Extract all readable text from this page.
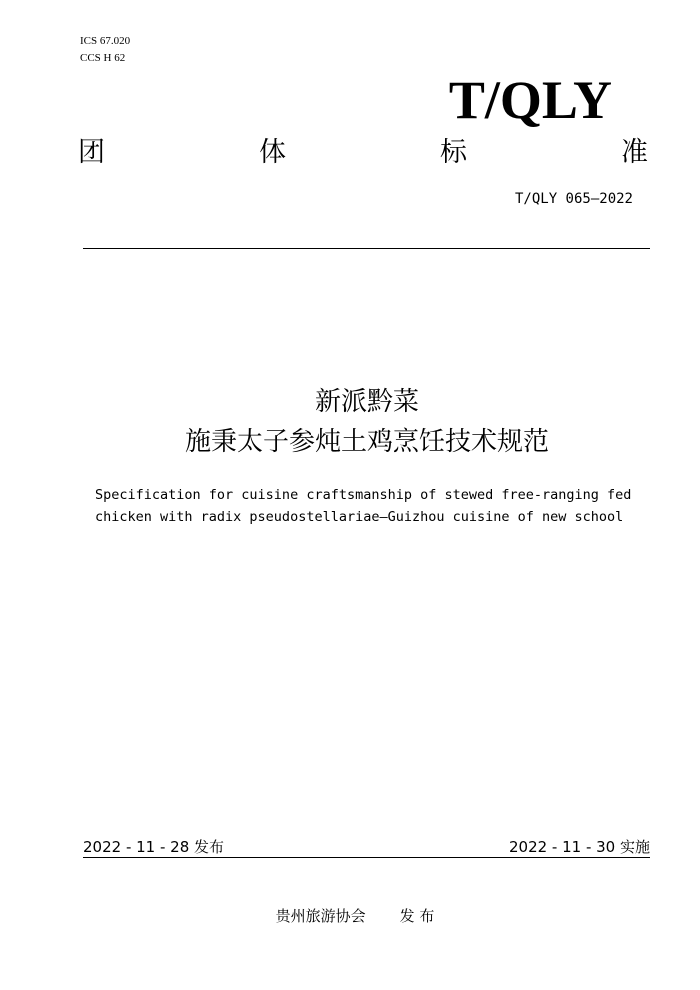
ICS 67.020
CCS H 62
T/QLY
团	体	标	准
T/QLY 065—2022

新派黔菜

施秉太子参炖土鸡烹饪技术规范

Specification for cuisine craftsmanship of stewed free-ranging fed

chicken with radix pseudostellariae—Guizhou cuisine of new school

2022 - 11 - 28 发布	2022 - 11 - 30 实施
贵州旅游协会 发 布
